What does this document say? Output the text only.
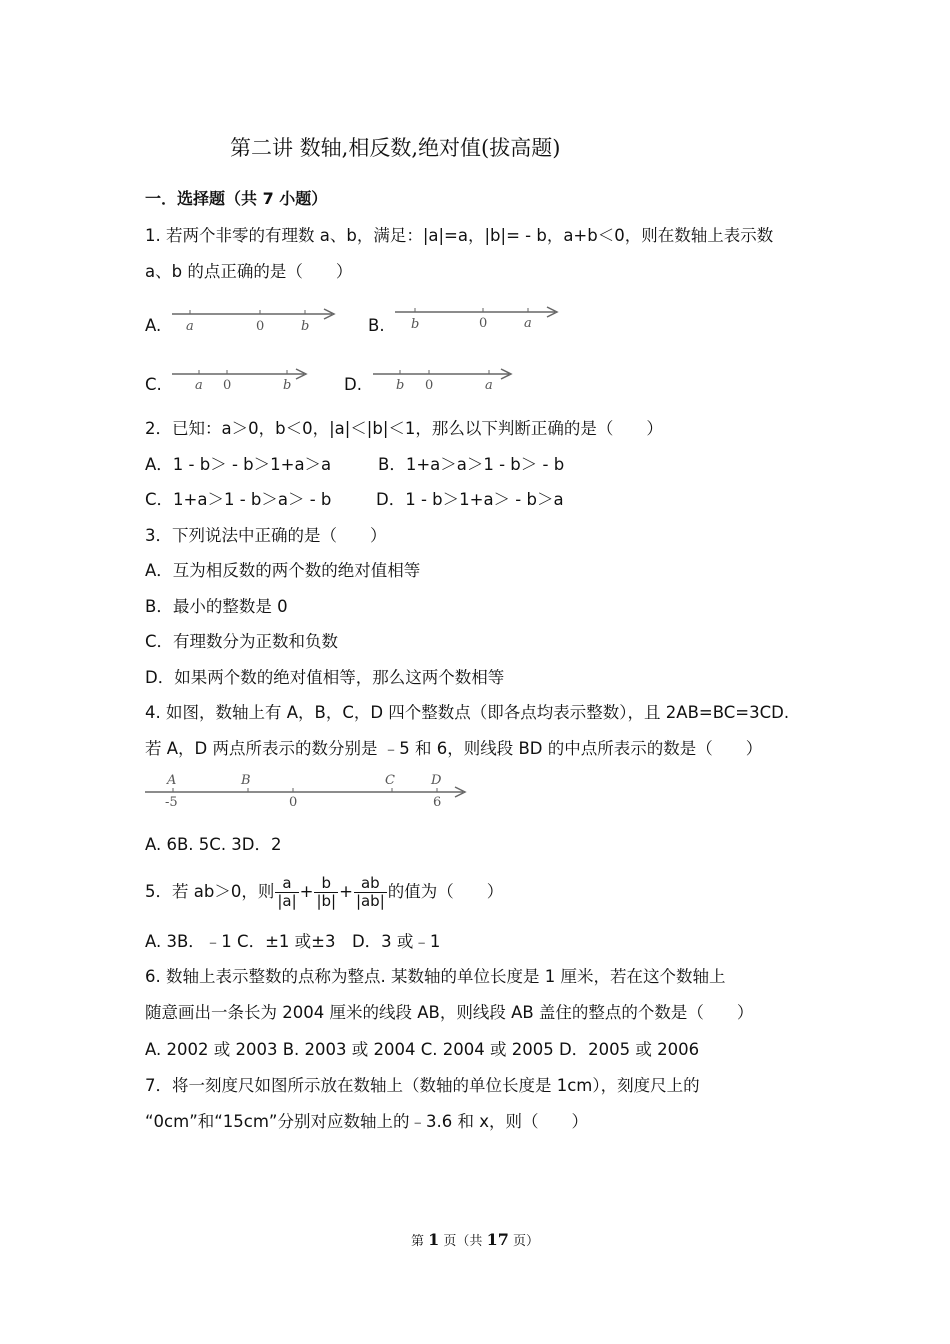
第二讲 数轴,相反数,绝对值(拔高题)
一．选择题（共 7 小题）
1. 若两个非零的有理数 a、b，满足：|a|=a，|b|= - b，a+b＜0，则在数轴上表示数
a、b 的点正确的是（　　）
A. a	0	b	B. b	0	a
C.	a 0	b	D.	b 0	a
2．已知：a＞0，b＜0，|a|＜|b|＜1，那么以下判断正确的是（　　）
A．1 - b＞ - b＞1+a＞a	B．1+a＞a＞1 - b＞ - b
C．1+a＞1 - b＞a＞ - b	D．1 - b＞1+a＞ - b＞a
3．下列说法中正确的是（　　）
A．互为相反数的两个数的绝对值相等
B．最小的整数是 0
C．有理数分为正数和负数
D．如果两个数的绝对值相等，那么这两个数相等
4. 如图，数轴上有 A，B，C，D 四个整数点（即各点均表示整数），且 2AB=BC=3CD.
若 A，D 两点所表示的数分别是 ﹣5 和 6，则线段 BD 的中点所表示的数是（　　）
A	B	C	D
-5	0	6
A. 6B. 5C. 3D．2
5．若 ab＞0，则 $\frac{a}{|a|} + \frac{b}{|b|} + \frac{ab}{|ab|}$ 的值为（　　）
A. 3B．﹣1 C．±1 或±3　D．3 或﹣1
6. 数轴上表示整数的点称为整点. 某数轴的单位长度是 1 厘米，若在这个数轴上
随意画出一条长为 2004 厘米的线段 AB，则线段 AB 盖住的整点的个数是（　　）
A. 2002 或 2003 B. 2003 或 2004 C. 2004 或 2005 D．2005 或 2006
7．将一刻度尺如图所示放在数轴上（数轴的单位长度是 1cm），刻度尺上的
“0cm”和“15cm”分别对应数轴上的﹣3.6 和 x，则（　　）
第 1 页（共 17 页）
